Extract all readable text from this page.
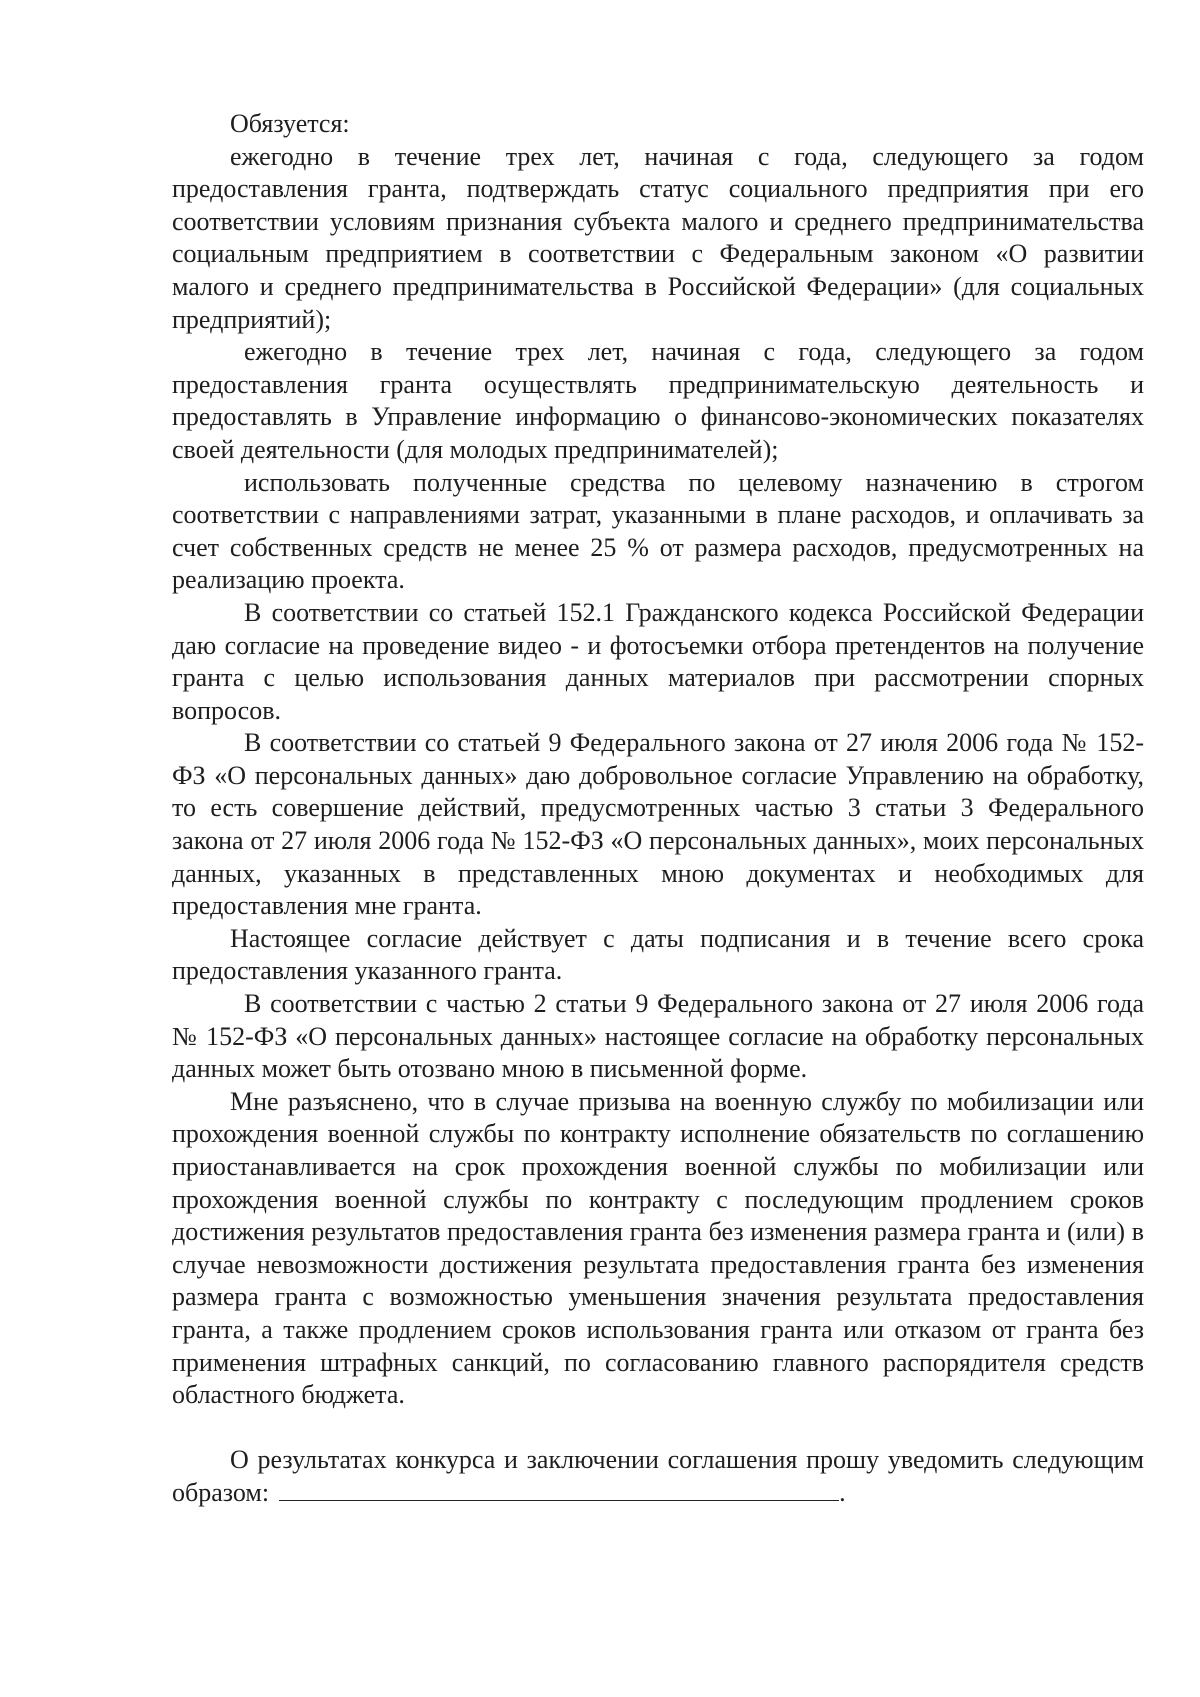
Обязуется:

ежегодно в течение трех лет, начиная с года, следующего за годом предоставления гранта, подтверждать статус социального предприятия при его соответствии условиям признания субъекта малого и среднего предпринимательства социальным предприятием в соответствии с Федеральным законом «О развитии малого и среднего предпринимательства в Российской Федерации» (для социальных предприятий);

ежегодно в течение трех лет, начиная с года, следующего за годом предоставления гранта осуществлять предпринимательскую деятельность и предоставлять в Управление информацию о финансово-экономических показателях своей деятельности (для молодых предпринимателей);

использовать полученные средства по целевому назначению в строгом соответствии с направлениями затрат, указанными в плане расходов, и оплачивать за счет собственных средств не менее 25 % от размера расходов, предусмотренных на реализацию проекта.

В соответствии со статьей 152.1 Гражданского кодекса Российской Федерации даю согласие на проведение видео - и фотосъемки отбора претендентов на получение гранта с целью использования данных материалов при рассмотрении спорных вопросов.

В соответствии со статьей 9 Федерального закона от 27 июля 2006 года № 152-ФЗ «О персональных данных» даю добровольное согласие Управлению на обработку, то есть совершение действий, предусмотренных частью 3 статьи 3 Федерального закона от 27 июля 2006 года № 152-ФЗ «О персональных данных», моих персональных данных, указанных в представленных мною документах и необходимых для предоставления мне гранта.

Настоящее согласие действует с даты подписания и в течение всего срока предоставления указанного гранта.

В соответствии с частью 2 статьи 9 Федерального закона от 27 июля 2006 года № 152-ФЗ «О персональных данных» настоящее согласие на обработку персональных данных может быть отозвано мною в письменной форме.

Мне разъяснено, что в случае призыва на военную службу по мобилизации или прохождения военной службы по контракту исполнение обязательств по соглашению приостанавливается на срок прохождения военной службы по мобилизации или прохождения военной службы по контракту с последующим продлением сроков достижения результатов предоставления гранта без изменения размера гранта и (или) в случае невозможности достижения результата предоставления гранта без изменения размера гранта с возможностью уменьшения значения результата предоставления гранта, а также продлением сроков использования гранта или отказом от гранта без применения штрафных санкций, по согласованию главного распорядителя средств областного бюджета.

О результатах конкурса и заключении соглашения прошу уведомить следующим образом:	.
